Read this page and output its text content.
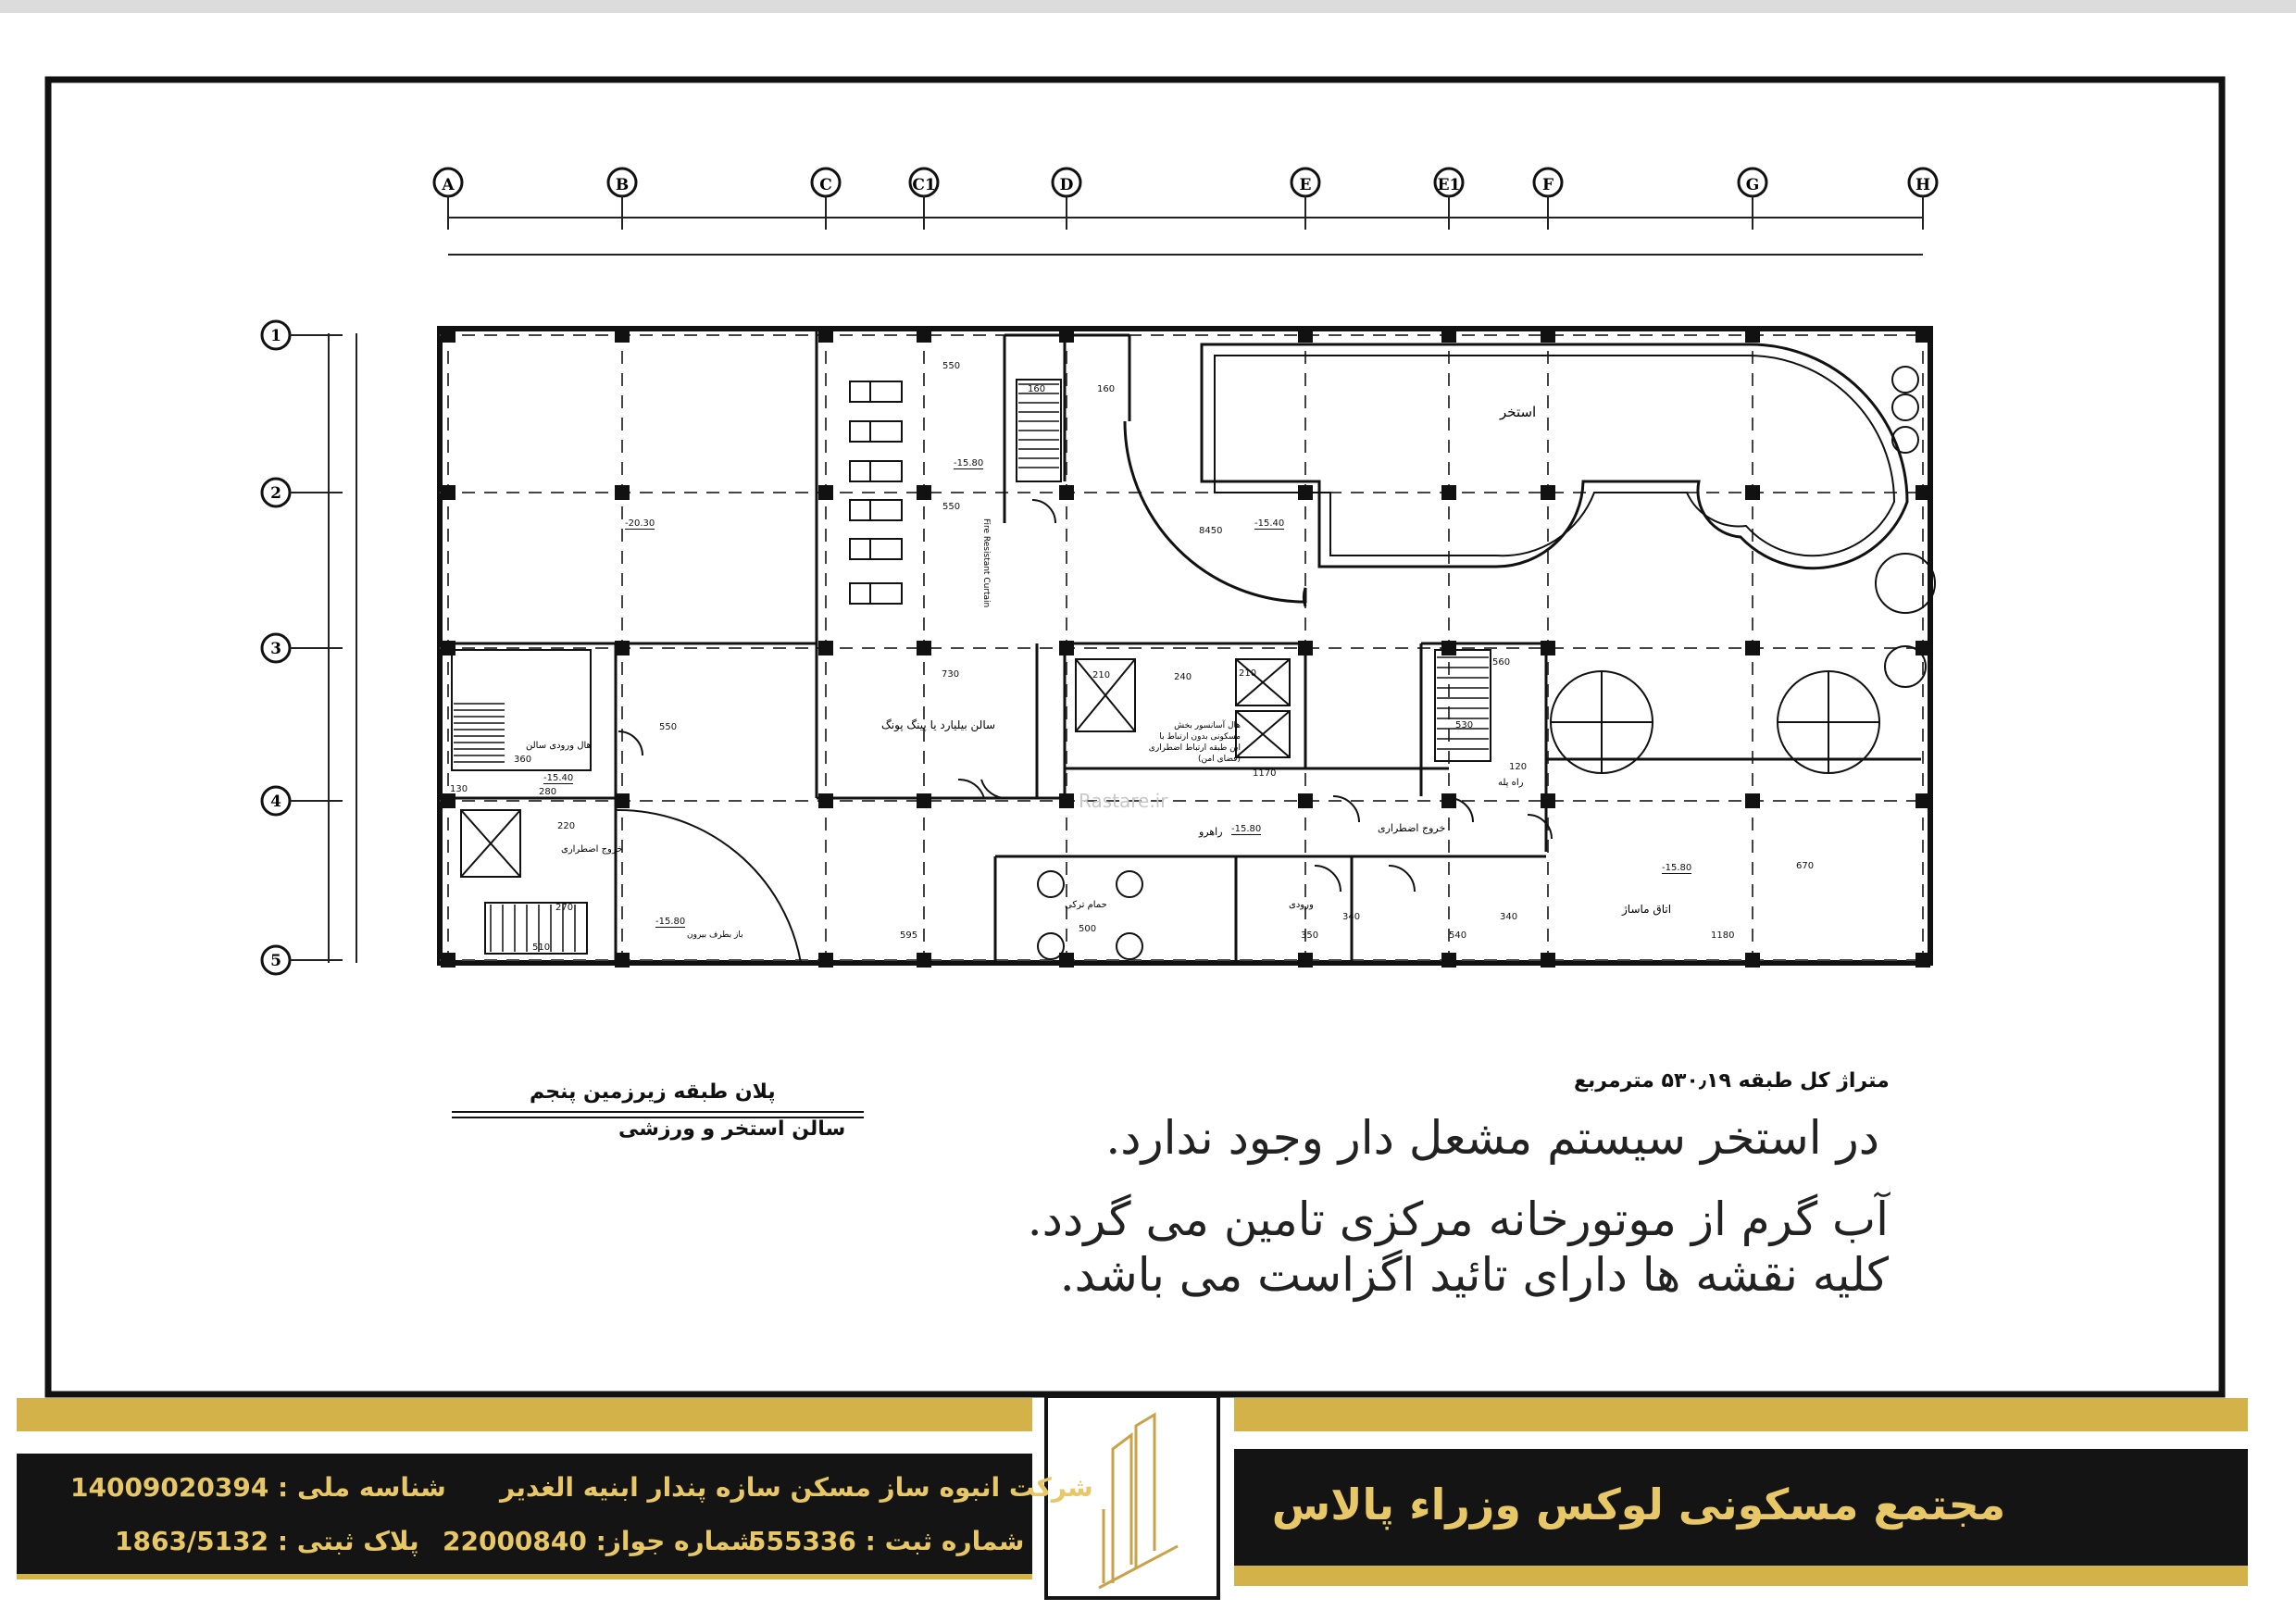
A	B	C	C1	D	E	E1	F	G	H
1
2
3
4
5
استخر
سالن بیلیارد یا پینگ پونگ	هال آسانسور بخش مسکونی بدون ارتباط با این طبقه ارتباط اضطراری (فضای امن)
هال ورودی سالن
خروج اضطراری
خروج اضطراری
راهرو
ورودی
راه پله
حمام ترکی	اتاق ماساژ
باز بطرف بیرون
Fire Resistant Curtain
Rastare.ir
550
550
730
1170
595
500
350	540	1180
670
8450
210	240	210
160	160
280
220
270
510
550
560
530
120
360
130
340	340
-15.80
-20.30	-15.40
-15.80
-15.40
-15.80
-15.80
متراژ کل طبقه ۵۳۰٫۱۹ مترمربع
پلان طبقه زیرزمین پنجم
سالن استخر و ورزشی	در استخر سیستم مشعل دار وجود ندارد.
آب گرم از موتورخانه مرکزی تامین می گردد.
کلیه نقشه ها دارای تائید اگزاست می باشد.
مجتمع مسکونی لوکس وزراء پالاس
شرکت انبوه ساز مسکن سازه پندار ابنیه الغدیر
شناسه ملی : 14009020394
شماره ثبت : 555336
شماره جواز: 22000840
پلاک ثبتی : 1863/5132
